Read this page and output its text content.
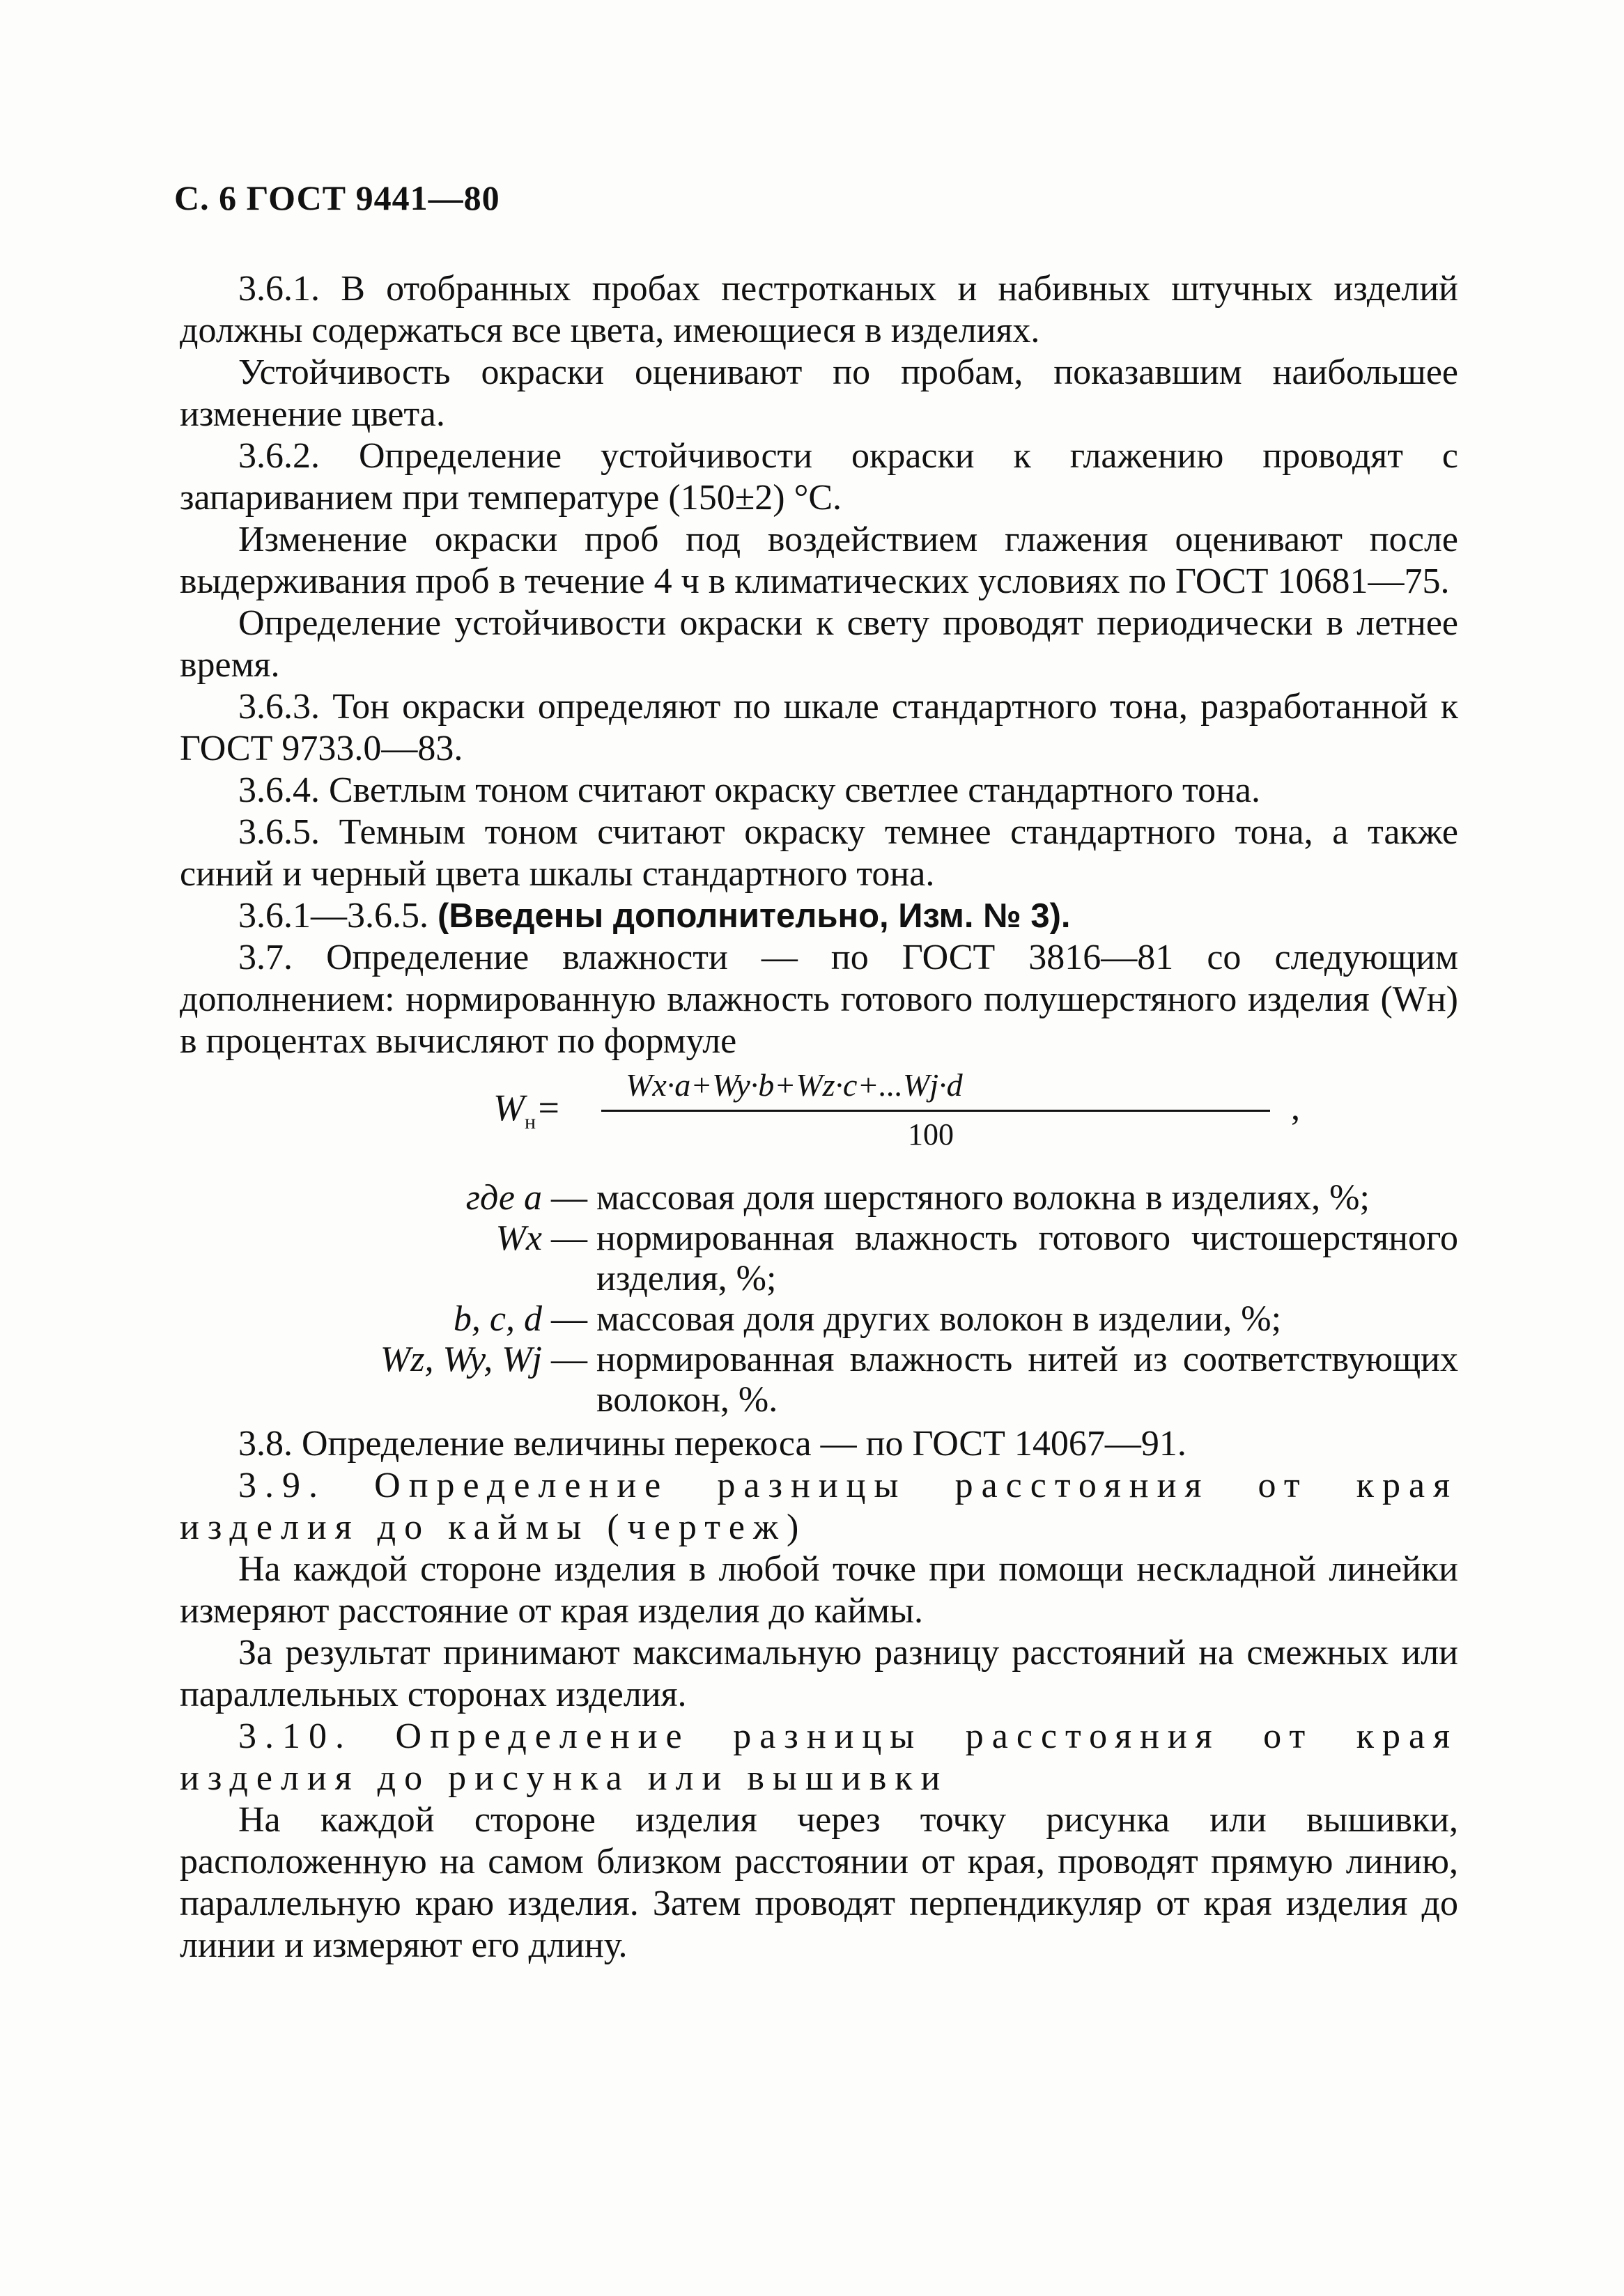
С. 6 ГОСТ 9441—80

3.6.1. В отобранных пробах пестротканых и набивных штучных изделий должны содержаться все цвета, имеющиеся в изделиях.

Устойчивость окраски оценивают по пробам, показавшим наибольшее изменение цвета.

3.6.2. Определение устойчивости окраски к глажению проводят с запариванием при температуре (150±2) °С.

Изменение окраски проб под воздействием глажения оценивают после выдерживания проб в течение 4 ч в климатических условиях по ГОСТ 10681—75.

Определение устойчивости окраски к свету проводят периодически в летнее время.

3.6.3. Тон окраски определяют по шкале стандартного тона, разработанной к ГОСТ 9733.0—83.

3.6.4. Светлым тоном считают окраску светлее стандартного тона.

3.6.5. Темным тоном считают окраску темнее стандартного тона, а также синий и черный цвета шкалы стандартного тона.

3.6.1—3.6.5. (Введены дополнительно, Изм. № 3).

3.7. Определение влажности — по ГОСТ 3816—81 со следующим дополнением: нормированную влажность готового полушерстяного изделия (Wн) в процентах вычисляют по формуле

$W_н=$
Wx·a+Wy·b+Wz·c+...Wj·d
100
,
где a — массовая доля шерстяного волокна в изделиях, %;
Wx — нормированная влажность готового чистошерстяного изделия, %;
b, c, d — массовая доля других волокон в изделии, %;
Wz, Wy, Wj — нормированная влажность нитей из соответствующих волокон, %.

3.8. Определение величины перекоса — по ГОСТ 14067—91.

3.9. Определение разницы расстояния от края изделия до каймы (чертеж)

На каждой стороне изделия в любой точке при помощи нескладной линейки измеряют расстояние от края изделия до каймы.

За результат принимают максимальную разницу расстояний на смежных или параллельных сторонах изделия.

3.10. Определение разницы расстояния от края изделия до рисунка или вышивки

На каждой стороне изделия через точку рисунка или вышивки, расположенную на самом близком расстоянии от края, проводят прямую линию, параллельную краю изделия. Затем проводят перпендикуляр от края изделия до линии и измеряют его длину.
